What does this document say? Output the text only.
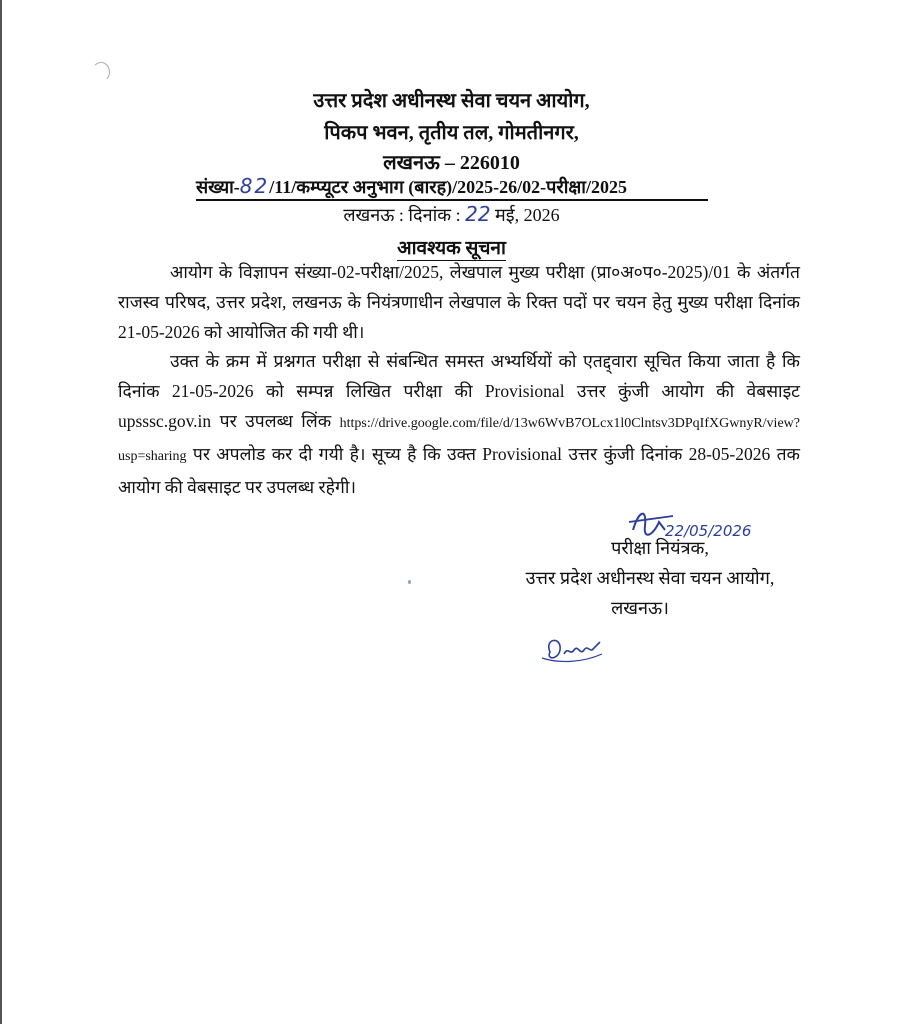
उत्तर प्रदेश अधीनस्थ सेवा चयन आयोग,
पिकप भवन, तृतीय तल, गोमतीनगर,
लखनऊ – 226010
संख्या-82/11/कम्प्यूटर अनुभाग (बारह)/2025-26/02-परीक्षा/2025
लखनऊ : दिनांक : 22 मई, 2026
आवश्यक सूचना
आयोग के विज्ञापन संख्या-02-परीक्षा/2025, लेखपाल मुख्य परीक्षा (प्रा०अ०प०-2025)/01 के अंतर्गत राजस्व परिषद, उत्तर प्रदेश, लखनऊ के नियंत्रणाधीन लेखपाल के रिक्त पदों पर चयन हेतु मुख्य परीक्षा दिनांक 21-05-2026 को आयोजित की गयी थी।
उक्त के क्रम में प्रश्नगत परीक्षा से संबन्धित समस्त अभ्यर्थियों को एतद्द्वारा सूचित किया जाता है कि दिनांक 21-05-2026 को सम्पन्न लिखित परीक्षा की Provisional उत्तर कुंजी आयोग की वेबसाइट upsssc.gov.in पर उपलब्ध लिंक https://drive.google.com/file/d/13w6WvB7OLcx1l0Clntsv3DPqIfXGwnyR/view?usp=sharing पर अपलोड कर दी गयी है। सूच्य है कि उक्त Provisional उत्तर कुंजी दिनांक 28-05-2026 तक आयोग की वेबसाइट पर उपलब्ध रहेगी।
22/05/2026
परीक्षा नियंत्रक,
उत्तर प्रदेश अधीनस्थ सेवा चयन आयोग,
लखनऊ।
